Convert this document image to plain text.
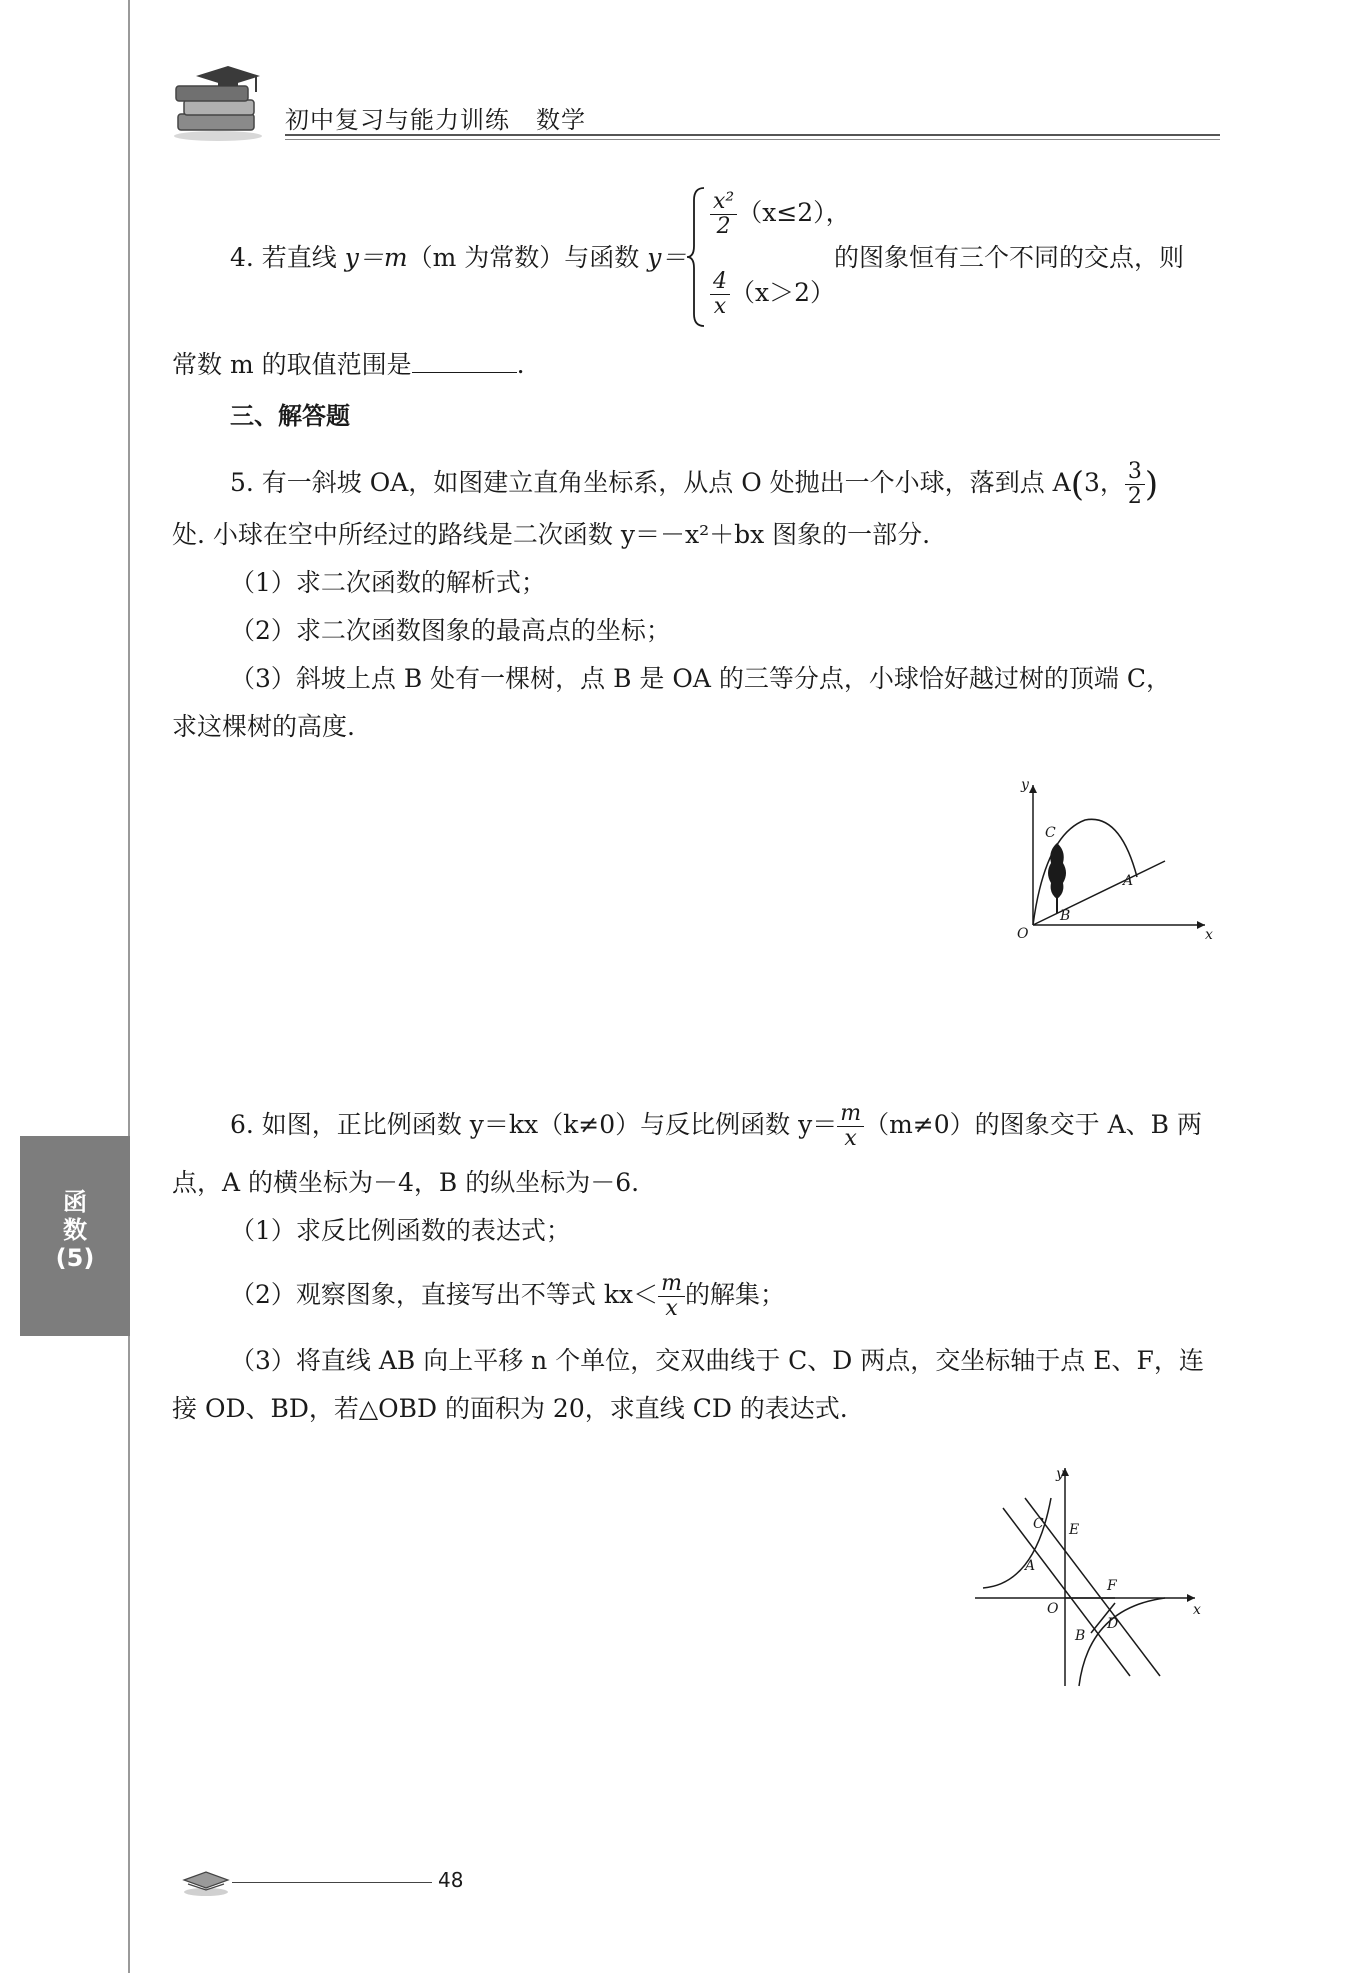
初中复习与能力训练 数学
4. 若直线 y＝m（m 为常数）与函数 y＝
$\frac{\text{x²}}{2} (x\le 2)$，
$\frac{4}{x} (x>2)$
的图象恒有三个不同的交点，则
常数 m 的取值范围是	.
三、解答题
5. 有一斜坡 OA，如图建立直角坐标系，从点 O 处抛出一个小球，落到点 A(3， $\frac{3}{2}$ )
处. 小球在空中所经过的路线是二次函数 y＝－x²＋bx 图象的一部分.
（1）求二次函数的解析式；
（2）求二次函数图象的最高点的坐标；
（3）斜坡上点 B 处有一棵树，点 B 是 OA 的三等分点，小球恰好越过树的顶端 C，
求这棵树的高度.
y
x
O
A
B
C
6. 如图，正比例函数 y＝kx（k≠0）与反比例函数 $y= \frac{m}{x} (m\ne 0)$的图象交于 A、B 两
点，A 的横坐标为－4，B 的纵坐标为－6.
（1）求反比例函数的表达式；
（2）观察图象，直接写出不等式 $kx< \frac{m}{x}$ 的解集；
（3）将直线 AB 向上平移 n 个单位，交双曲线于 C、D 两点，交坐标轴于点 E、F，连
接 OD、BD，若△OBD 的面积为 20，求直线 CD 的表达式.
y
x
O
A
B
C
D
E
F
函
数
(5)
48
